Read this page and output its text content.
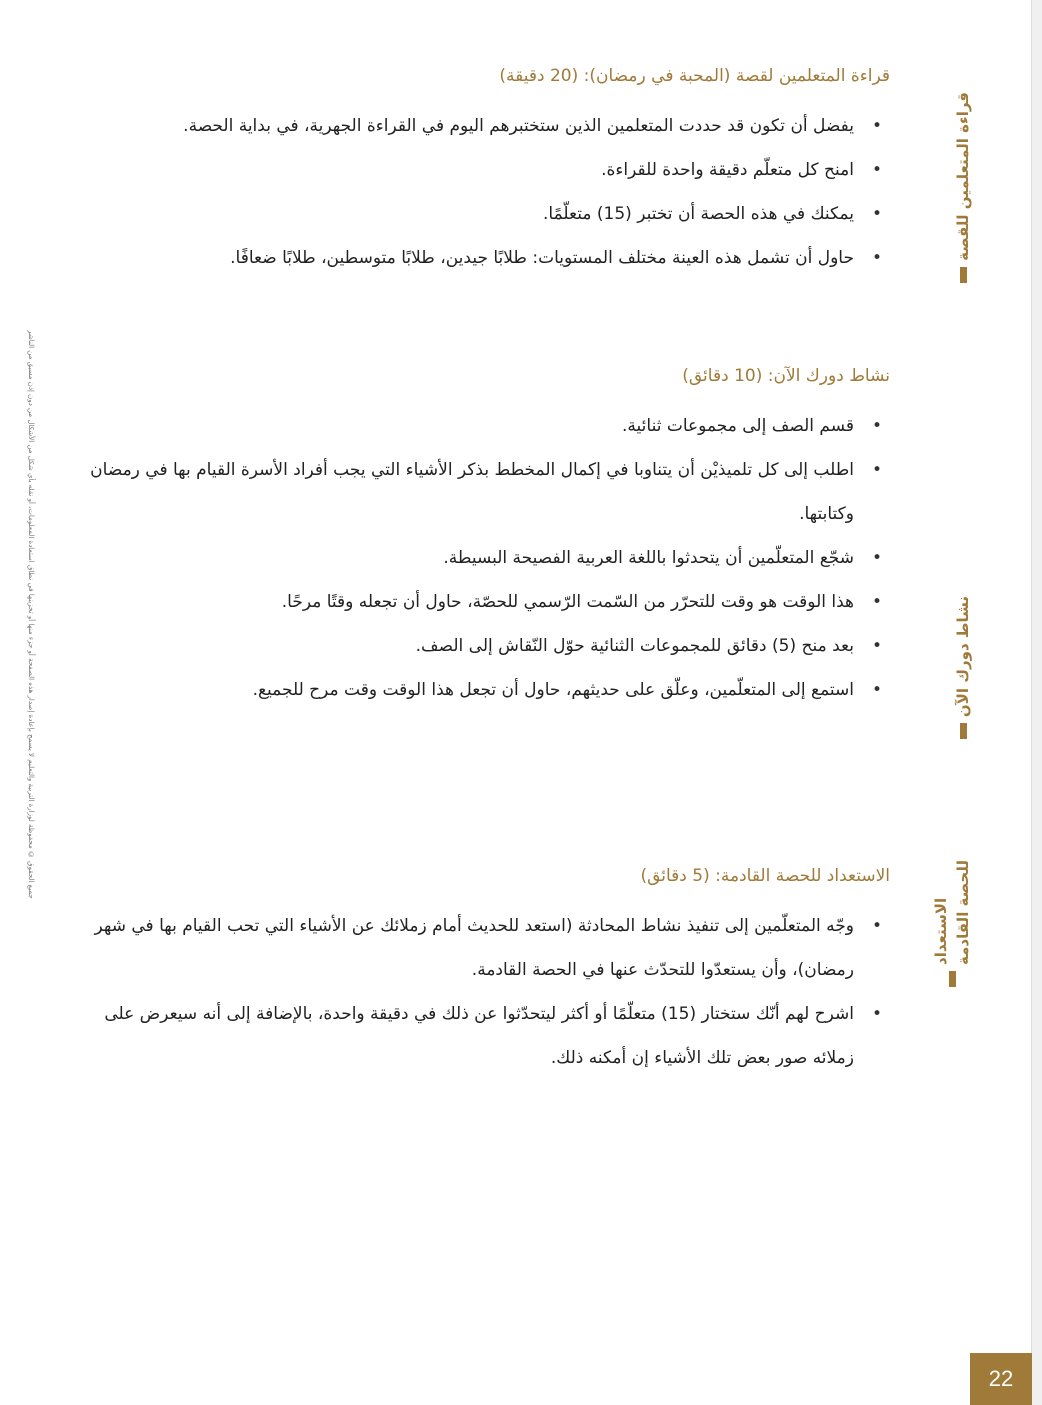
جميع الحقوق © محفوظة لوزارة التربية والتعليم لا يسمح بإعادة إصدار هذه الصفحة أو جزء منها أو تخزينها في نطاق استعادة المعلومات، أو نقله بأي شكل من الأشكال من دون إذن مسبق من الناشر
قراءة المتعلمين للقصة
قراءة المتعلمين لقصة (المحبة في رمضان): (20 دقيقة)
• يفضل أن تكون قد حددت المتعلمين الذين ستختبرهم اليوم في القراءة الجهرية، في بداية الحصة.
• امنح كل متعلّم دقيقة واحدة للقراءة.
• يمكنك في هذه الحصة أن تختبر (15) متعلّمًا.
• حاول أن تشمل هذه العينة مختلف المستويات: طلابًا جيدين، طلابًا متوسطين، طلابًا ضعافًا.
نشاط دورك الآن
نشاط دورك الآن: (10 دقائق)
• قسم الصف إلى مجموعات ثنائية.
• اطلب إلى كل تلميذيْن أن يتناوبا في إكمال المخطط بذكر الأشياء التي يجب أفراد الأسرة القيام بها في رمضان وكتابتها.
• شجّع المتعلّمين أن يتحدثوا باللغة العربية الفصيحة البسيطة.
• هذا الوقت هو وقت للتحرّر من السّمت الرّسمي للحصّة، حاول أن تجعله وقتًا مرحًا.
• بعد منح (5) دقائق للمجموعات الثنائية حوّل النّقاش إلى الصف.
• استمع إلى المتعلّمين، وعلّق على حديثهم، حاول أن تجعل هذا الوقت وقت مرح للجميع.
الاستعداد
للحصة القادمة
الاستعداد للحصة القادمة: (5 دقائق)
• وجّه المتعلّمين إلى تنفيذ نشاط المحادثة (استعد للحديث أمام زملائك عن الأشياء التي تحب القيام بها في شهر رمضان)، وأن يستعدّوا للتحدّث عنها في الحصة القادمة.
• اشرح لهم أنّك ستختار (15) متعلّمًا أو أكثر ليتحدّثوا عن ذلك في دقيقة واحدة، بالإضافة إلى أنه سيعرض على زملائه صور بعض تلك الأشياء إن أمكنه ذلك.
22
